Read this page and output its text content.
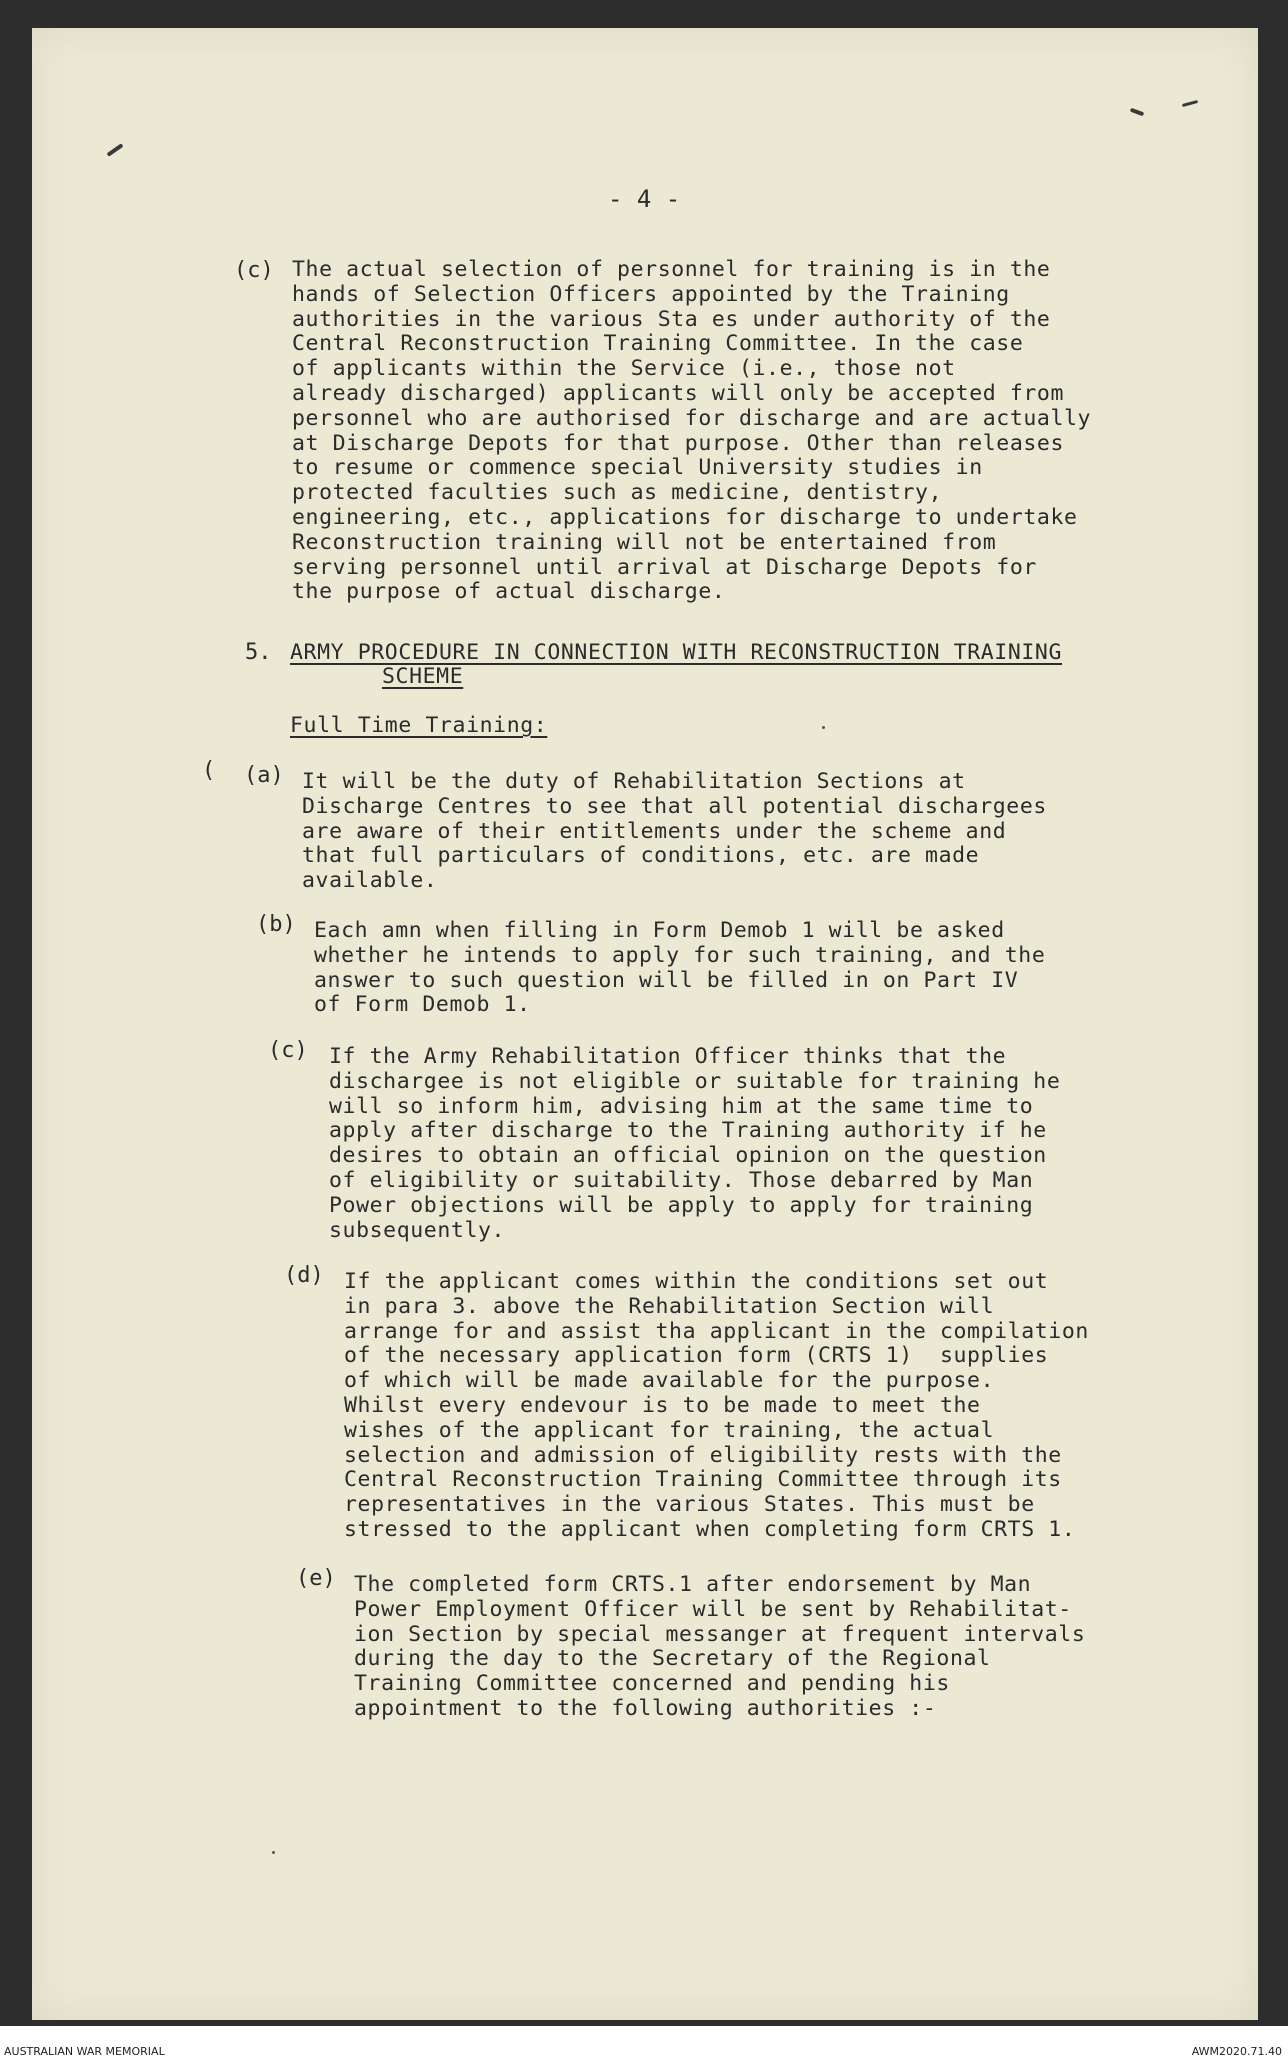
- 4 -
(c) The actual selection of personnel for training is in the
hands of Selection Officers appointed by the Training
authorities in the various Sta es under authority of the
Central Reconstruction Training Committee. In the case
of applicants within the Service (i.e., those not
already discharged) applicants will only be accepted from
personnel who are authorised for discharge and are actually
at Discharge Depots for that purpose. Other than releases
to resume or commence special University studies in
protected faculties such as medicine, dentistry,
engineering, etc., applications for discharge to undertake
Reconstruction training will not be entertained from
serving personnel until arrival at Discharge Depots for
the purpose of actual discharge.
5. ARMY PROCEDURE IN CONNECTION WITH RECONSTRUCTION TRAINING
SCHEME
Full Time Training:
( (a) It will be the duty of Rehabilitation Sections at
Discharge Centres to see that all potential dischargees
are aware of their entitlements under the scheme and
that full particulars of conditions, etc. are made
available.
(b) Each amn when filling in Form Demob 1 will be asked
whether he intends to apply for such training, and the
answer to such question will be filled in on Part IV
of Form Demob 1.
(c) If the Army Rehabilitation Officer thinks that the
dischargee is not eligible or suitable for training he
will so inform him, advising him at the same time to
apply after discharge to the Training authority if he
desires to obtain an official opinion on the question
of eligibility or suitability. Those debarred by Man
Power objections will be apply to apply for training
subsequently.
(d) If the applicant comes within the conditions set out
in para 3. above the Rehabilitation Section will
arrange for and assist tha applicant in the compilation
of the necessary application form (CRTS 1)  supplies
of which will be made available for the purpose.
Whilst every endevour is to be made to meet the
wishes of the applicant for training, the actual
selection and admission of eligibility rests with the
Central Reconstruction Training Committee through its
representatives in the various States. This must be
stressed to the applicant when completing form CRTS 1.
(e) The completed form CRTS.1 after endorsement by Man
Power Employment Officer will be sent by Rehabilitat-
ion Section by special messanger at frequent intervals
during the day to the Secretary of the Regional
Training Committee concerned and pending his
appointment to the following authorities :-
AUSTRALIAN WAR MEMORIAL	AWM2020.71.40
